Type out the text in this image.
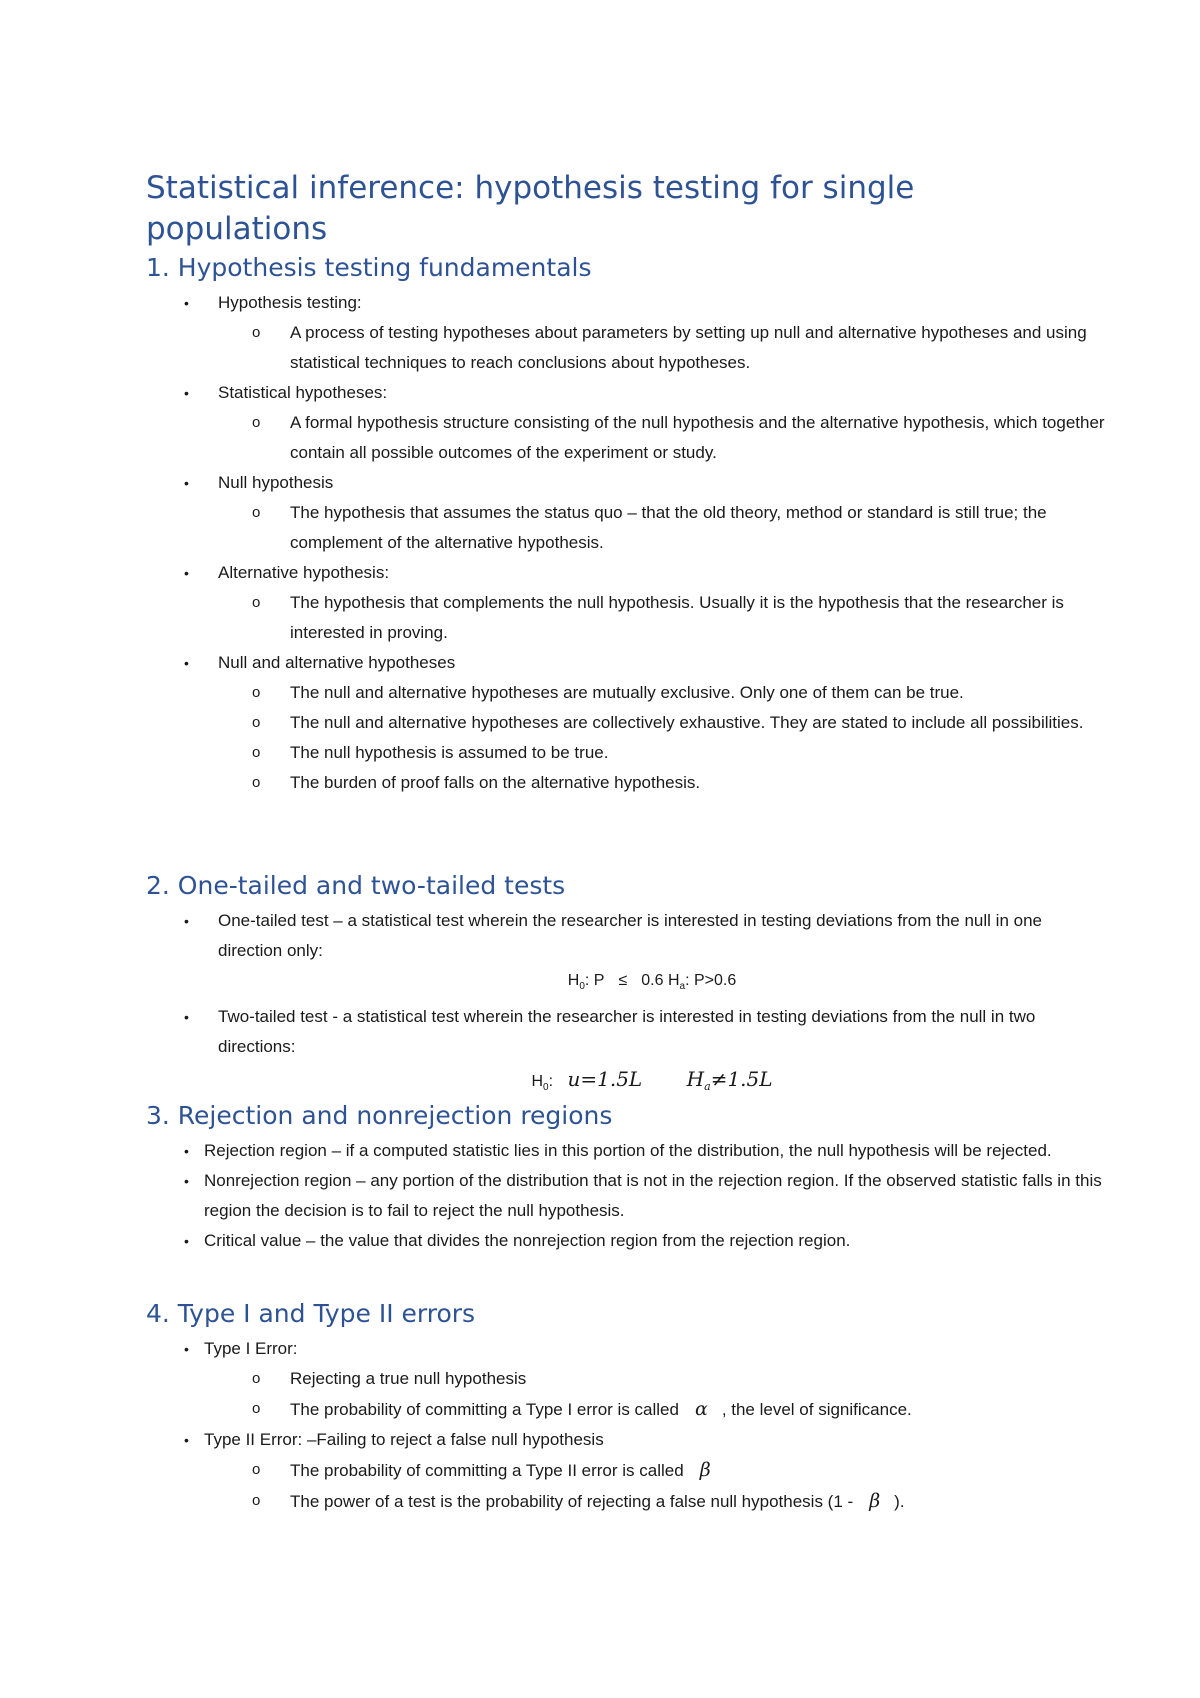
Statistical inference: hypothesis testing for single populations
1. Hypothesis testing fundamentals
• Hypothesis testing:
o A process of testing hypotheses about parameters by setting up null and alternative hypotheses and using statistical techniques to reach conclusions about hypotheses.
• Statistical hypotheses:
o A formal hypothesis structure consisting of the null hypothesis and the alternative hypothesis, which together contain all possible outcomes of the experiment or study.
• Null hypothesis
o The hypothesis that assumes the status quo – that the old theory, method or standard is still true; the complement of the alternative hypothesis.
• Alternative hypothesis:
o The hypothesis that complements the null hypothesis. Usually it is the hypothesis that the researcher is interested in proving.
• Null and alternative hypotheses
o The null and alternative hypotheses are mutually exclusive. Only one of them can be true.
o The null and alternative hypotheses are collectively exhaustive. They are stated to include all possibilities.
o The null hypothesis is assumed to be true.
o The burden of proof falls on the alternative hypothesis.
2. One-tailed and two-tailed tests
• One-tailed test – a statistical test wherein the researcher is interested in testing deviations from the null in one direction only:
$H_0$: P ≤ 0.6 $H_a$: P>0.6
• Two-tailed test - a statistical test wherein the researcher is interested in testing deviations from the null in two directions:
$H_0$: u=1.5L $H_a\ne 1.5L$
3. Rejection and nonrejection regions
• Rejection region – if a computed statistic lies in this portion of the distribution, the null hypothesis will be rejected.
• Nonrejection region – any portion of the distribution that is not in the rejection region. If the observed statistic falls in this region the decision is to fail to reject the null hypothesis.
• Critical value – the value that divides the nonrejection region from the rejection region.
4. Type I and Type II errors
• Type I Error:
o Rejecting a true null hypothesis
o The probability of committing a Type I error is called α , the level of significance.
• Type II Error: –Failing to reject a false null hypothesis
o The probability of committing a Type II error is called β
o The power of a test is the probability of rejecting a false null hypothesis (1 - β ).
